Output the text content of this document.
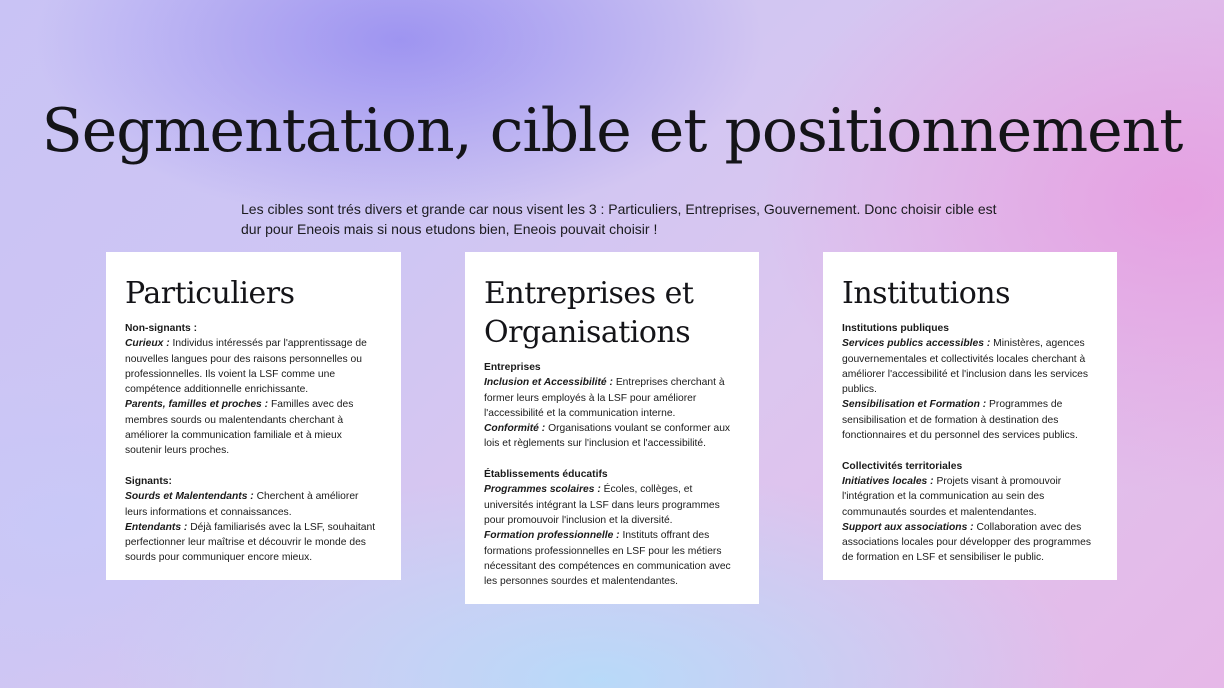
Segmentation, cible et positionnement

Les cibles sont trés divers et grande car nous visent les 3 : Particuliers, Entreprises, Gouvernement. Donc choisir cible est dur pour Eneois mais si nous etudons bien, Eneois pouvait choisir !

Particuliers
Non-signants :
Curieux : Individus intéressés par l'apprentissage de nouvelles langues pour des raisons personnelles ou professionnelles. Ils voient la LSF comme une compétence additionnelle enrichissante.
Parents, familles et proches : Familles avec des membres sourds ou malentendants cherchant à améliorer la communication familiale et à mieux soutenir leurs proches.
Signants:
Sourds et Malentendants : Cherchent à améliorer leurs informations et connaissances.
Entendants : Déjà familiarisés avec la LSF, souhaitant perfectionner leur maîtrise et découvrir le monde des sourds pour communiquer encore mieux.
Entreprises et Organisations
Entreprises
Inclusion et Accessibilité : Entreprises cherchant à former leurs employés à la LSF pour améliorer l'accessibilité et la communication interne.
Conformité : Organisations voulant se conformer aux lois et règlements sur l'inclusion et l'accessibilité.
Établissements éducatifs
Programmes scolaires : Écoles, collèges, et universités intégrant la LSF dans leurs programmes pour promouvoir l'inclusion et la diversité.
Formation professionnelle : Instituts offrant des formations professionnelles en LSF pour les métiers nécessitant des compétences en communication avec les personnes sourdes et malentendantes.
Institutions
Institutions publiques
Services publics accessibles : Ministères, agences gouvernementales et collectivités locales cherchant à améliorer l'accessibilité et l'inclusion dans les services publics.
Sensibilisation et Formation : Programmes de sensibilisation et de formation à destination des fonctionnaires et du personnel des services publics.
Collectivités territoriales
Initiatives locales : Projets visant à promouvoir l'intégration et la communication au sein des communautés sourdes et malentendantes.
Support aux associations : Collaboration avec des associations locales pour développer des programmes de formation en LSF et sensibiliser le public.
